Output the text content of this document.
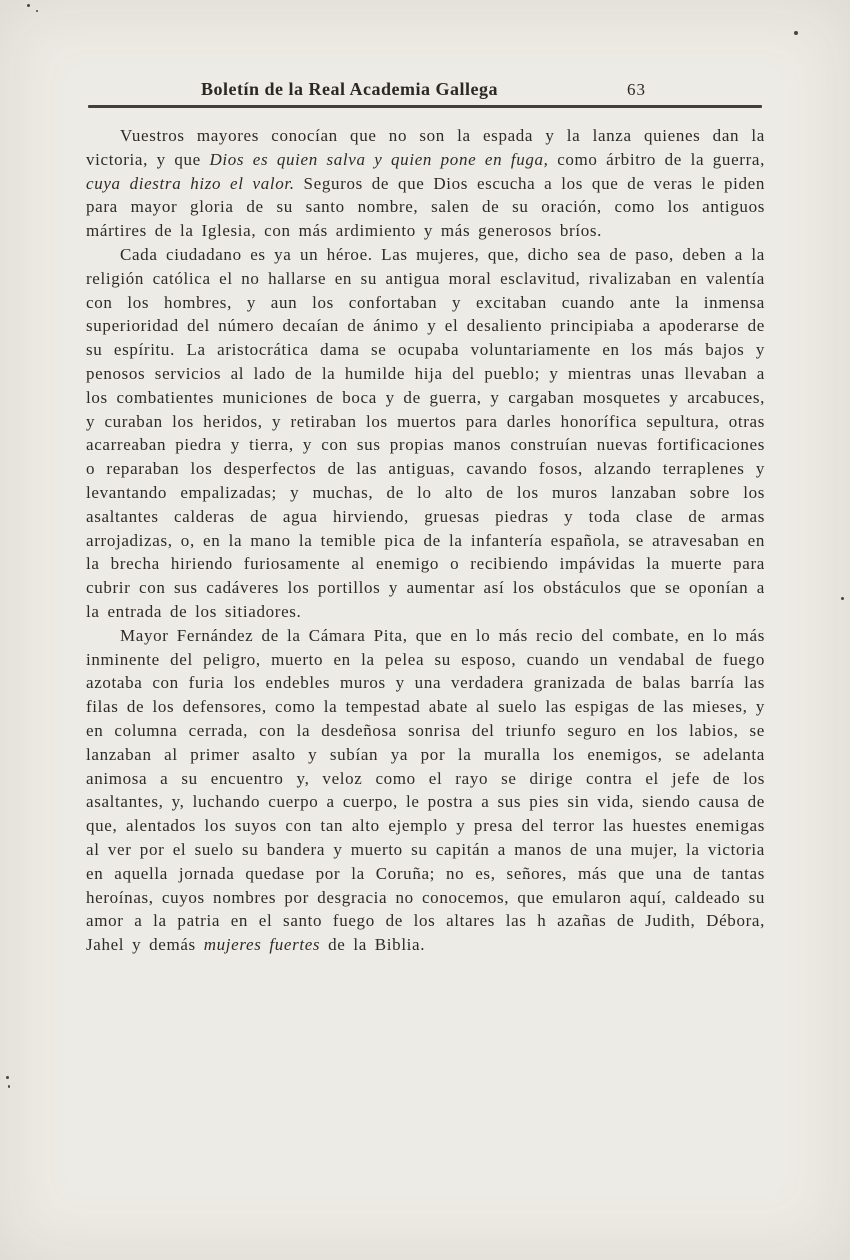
Boletín de la Real Academia Gallega	63

Vuestros mayores conocían que no son la espada y la lanza quienes dan la victoria, y que Dios es quien salva y quien pone en fuga, como árbitro de la guerra, cuya diestra hizo el valor. Seguros de que Dios escucha a los que de veras le piden para mayor gloria de su santo nombre, salen de su oración, como los antiguos mártires de la Iglesia, con más ardimiento y más generosos bríos.

Cada ciudadano es ya un héroe. Las mujeres, que, dicho sea de paso, deben a la religión católica el no hallarse en su antigua moral esclavitud, rivalizaban en valentía con los hombres, y aun los confortaban y excitaban cuando ante la inmensa superioridad del número decaían de ánimo y el desaliento principiaba a apoderarse de su espíritu. La aristocrática dama se ocupaba voluntariamente en los más bajos y penosos servicios al lado de la humilde hija del pueblo; y mientras unas llevaban a los combatientes municiones de boca y de guerra, y cargaban mosquetes y arcabuces, y curaban los heridos, y retiraban los muertos para darles honorífica sepultura, otras acarreaban piedra y tierra, y con sus propias manos construían nuevas fortificaciones o reparaban los desperfectos de las antiguas, cavando fosos, alzando terraplenes y levantando empalizadas; y muchas, de lo alto de los muros lanzaban sobre los asaltantes calderas de agua hirviendo, gruesas piedras y toda clase de armas arrojadizas, o, en la mano la temible pica de la infantería española, se atravesaban en la brecha hiriendo furiosamente al enemigo o recibiendo impávidas la muerte para cubrir con sus cadáveres los portillos y aumentar así los obstáculos que se oponían a la entrada de los sitiadores.

Mayor Fernández de la Cámara Pita, que en lo más recio del combate, en lo más inminente del peligro, muerto en la pelea su esposo, cuando un vendabal de fuego azotaba con furia los endebles muros y una verdadera granizada de balas barría las filas de los defensores, como la tempestad abate al suelo las espigas de las mieses, y en columna cerrada, con la desdeñosa sonrisa del triunfo seguro en los labios, se lanzaban al primer asalto y subían ya por la muralla los enemigos, se adelanta animosa a su encuentro y, veloz como el rayo se dirige contra el jefe de los asaltantes, y, luchando cuerpo a cuerpo, le postra a sus pies sin vida, siendo causa de que, alentados los suyos con tan alto ejemplo y presa del terror las huestes enemigas al ver por el suelo su bandera y muerto su capitán a manos de una mujer, la victoria en aquella jornada quedase por la Coruña; no es, señores, más que una de tantas heroínas, cuyos nombres por desgracia no conocemos, que emularon aquí, caldeado su amor a la patria en el santo fuego de los altares las h azañas de Judith, Débora, Jahel y demás mujeres fuertes de la Biblia.
